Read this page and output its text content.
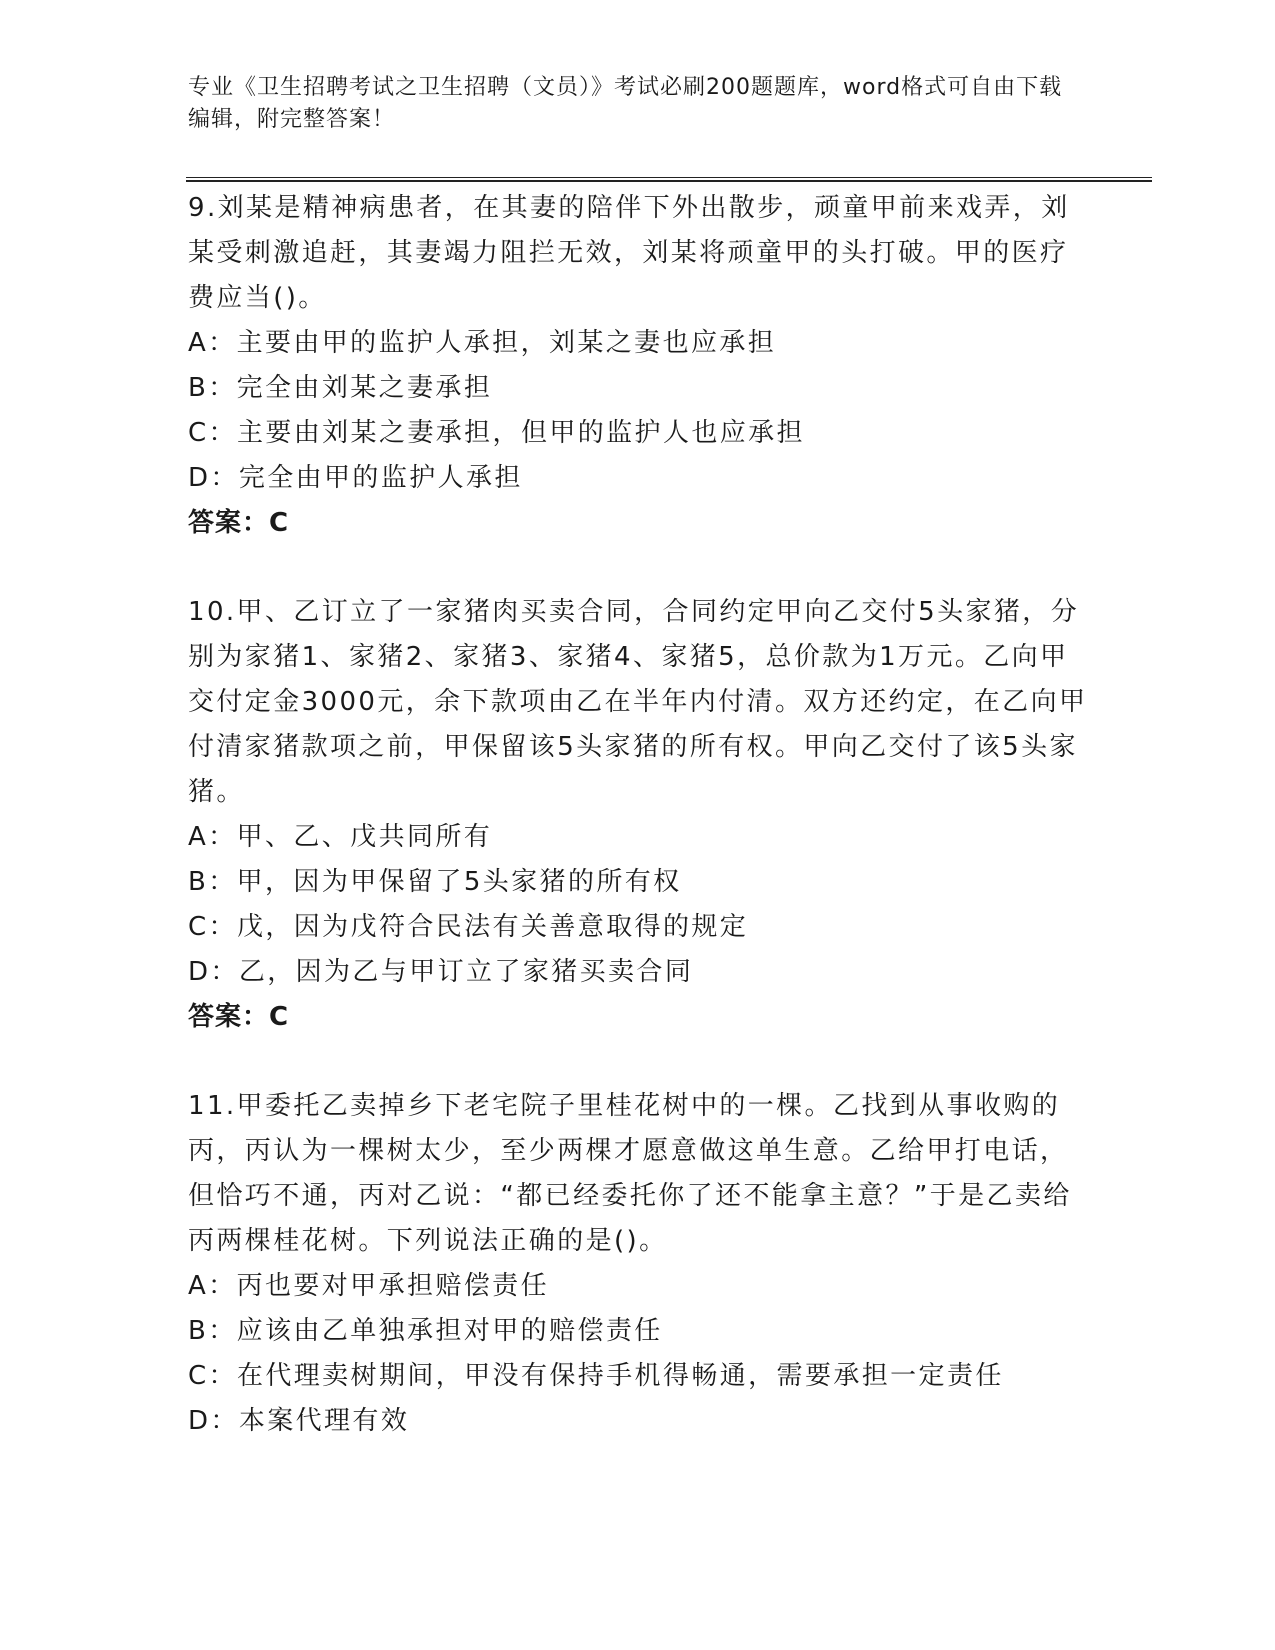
专业《卫生招聘考试之卫生招聘（文员）》考试必刷200题题库，word格式可自由下载编辑，附完整答案！

9.刘某是精神病患者，在其妻的陪伴下外出散步，顽童甲前来戏弄，刘某受刺激追赶，其妻竭力阻拦无效，刘某将顽童甲的头打破。甲的医疗费应当()。

A：主要由甲的监护人承担，刘某之妻也应承担

B：完全由刘某之妻承担

C：主要由刘某之妻承担，但甲的监护人也应承担

D：完全由甲的监护人承担

答案：C

10.甲、乙订立了一家猪肉买卖合同，合同约定甲向乙交付5头家猪，分别为家猪1、家猪2、家猪3、家猪4、家猪5，总价款为1万元。乙向甲交付定金3000元，余下款项由乙在半年内付清。双方还约定，在乙向甲付清家猪款项之前，甲保留该5头家猪的所有权。甲向乙交付了该5头家猪。

A：甲、乙、戊共同所有

B：甲，因为甲保留了5头家猪的所有权

C：戊，因为戊符合民法有关善意取得的规定

D：乙，因为乙与甲订立了家猪买卖合同

答案：C

11.甲委托乙卖掉乡下老宅院子里桂花树中的一棵。乙找到从事收购的丙，丙认为一棵树太少，至少两棵才愿意做这单生意。乙给甲打电话，但恰巧不通，丙对乙说：“都已经委托你了还不能拿主意？”于是乙卖给丙两棵桂花树。下列说法正确的是()。

A：丙也要对甲承担赔偿责任

B：应该由乙单独承担对甲的赔偿责任

C：在代理卖树期间，甲没有保持手机得畅通，需要承担一定责任

D：本案代理有效
